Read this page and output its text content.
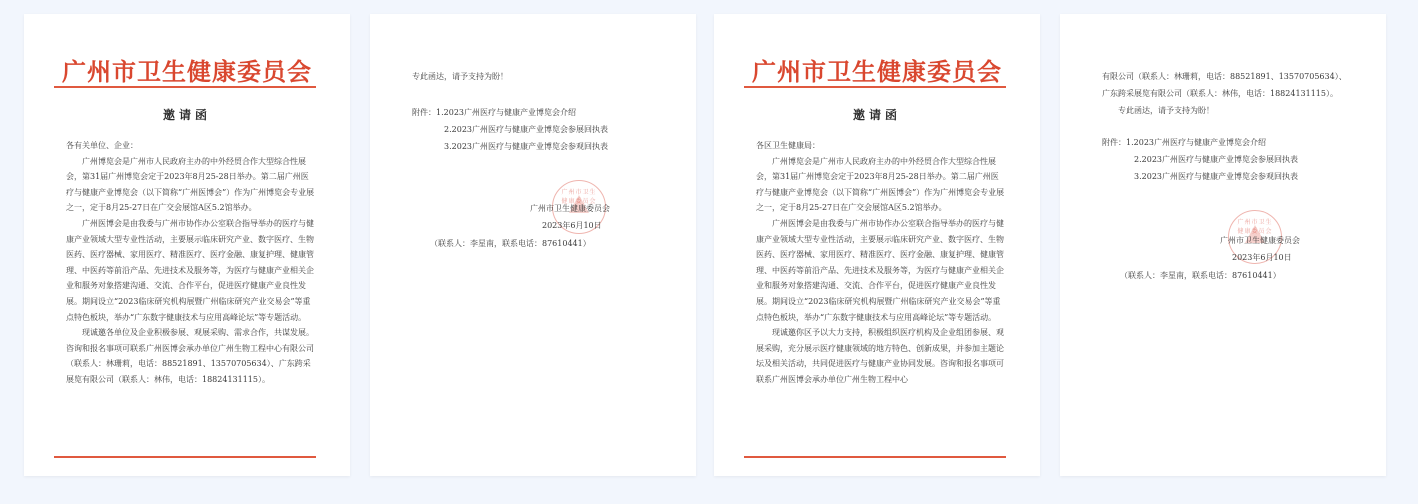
广州市卫生健康委员会
邀请函

各有关单位、企业：

广州博览会是广州市人民政府主办的中外经贸合作大型综合性展会，第31届广州博览会定于2023年8月25-28日举办。第二届广州医疗与健康产业博览会（以下简称“广州医博会”）作为广州博览会专业展之一，定于8月25-27日在广交会展馆A区5.2馆举办。

广州医博会是由我委与广州市协作办公室联合指导举办的医疗与健康产业领域大型专业性活动，主要展示临床研究产业、数字医疗、生物医药、医疗器械、家用医疗、精准医疗、医疗金融、康复护理、健康管理、中医药等前沿产品、先进技术及服务等，为医疗与健康产业相关企业和服务对象搭建沟通、交流、合作平台，促进医疗健康产业良性发展。期间设立“2023临床研究机构展暨广州临床研究产业交易会”等重点特色板块，举办“广东数字健康技术与应用高峰论坛”等专题活动。

现诚邀各单位及企业积极参展、观展采购、需求合作，共谋发展。咨询和报名事项可联系广州医博会承办单位广州生物工程中心有限公司（联系人：林珊莉，电话：88521891、13570705634）、广东跨采展览有限公司（联系人：林伟，电话：18824131115）。

专此函达，请予支持为盼！
附件：1.2023广州医疗与健康产业博览会介绍
2.2023广州医疗与健康产业博览会参展回执表
3.2023广州医疗与健康产业博览会参观回执表
广州市卫生健康委员会
广州市卫生健康委员会
2023年6月10日
（联系人：李星南，联系电话：87610441）
广州市卫生健康委员会
邀请函

各区卫生健康局：

广州博览会是广州市人民政府主办的中外经贸合作大型综合性展会，第31届广州博览会定于2023年8月25-28日举办。第二届广州医疗与健康产业博览会（以下简称“广州医博会”）作为广州博览会专业展之一，定于8月25-27日在广交会展馆A区5.2馆举办。

广州医博会是由我委与广州市协作办公室联合指导举办的医疗与健康产业领域大型专业性活动，主要展示临床研究产业、数字医疗、生物医药、医疗器械、家用医疗、精准医疗、医疗金融、康复护理、健康管理、中医药等前沿产品、先进技术及服务等，为医疗与健康产业相关企业和服务对象搭建沟通、交流、合作平台，促进医疗健康产业良性发展。期间设立“2023临床研究机构展暨广州临床研究产业交易会”等重点特色板块，举办“广东数字健康技术与应用高峰论坛”等专题活动。

现诚邀你区予以大力支持，积极组织医疗机构及企业组团参展、观展采购，充分展示医疗健康领域的地方特色、创新成果，并参加主题论坛及相关活动，共同促进医疗与健康产业协同发展。咨询和报名事项可联系广州医博会承办单位广州生物工程中心

有限公司（联系人：林珊莉，电话：88521891、13570705634）、广东跨采展览有限公司（联系人：林伟，电话：18824131115）。
专此函达，请予支持为盼！
附件：1.2023广州医疗与健康产业博览会介绍
2.2023广州医疗与健康产业博览会参展回执表
3.2023广州医疗与健康产业博览会参观回执表
广州市卫生健康委员会
广州市卫生健康委员会
2023年6月10日
（联系人：李星南，联系电话：87610441）
